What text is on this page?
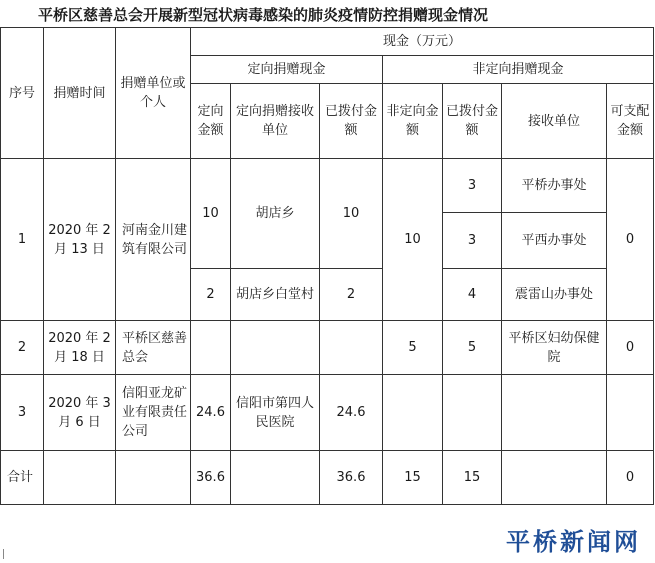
平桥区慈善总会开展新型冠状病毒感染的肺炎疫情防控捐赠现金情况
序号	捐赠时间	捐赠单位或个人	现金（万元）						
			定向捐赠现金			非定向捐赠现金			
			定向金额	定向捐赠接收单位	已拨付金额	非定向金额	已拨付金额	接收单位	可支配金额
1	2020 年 2 月 13 日	河南金川建筑有限公司	10	胡店乡	10	10	3	平桥办事处	0
							3	平西办事处	
			2	胡店乡白堂村	2		4	震雷山办事处	
2	2020 年 2 月 18 日	平桥区慈善总会				5	5	平桥区妇幼保健院	0
3	2020 年 3 月 6 日	信阳亚龙矿业有限责任公司	24.6	信阳市第四人民医院	24.6				
合计			36.6		36.6	15	15		0
平桥新闻网
